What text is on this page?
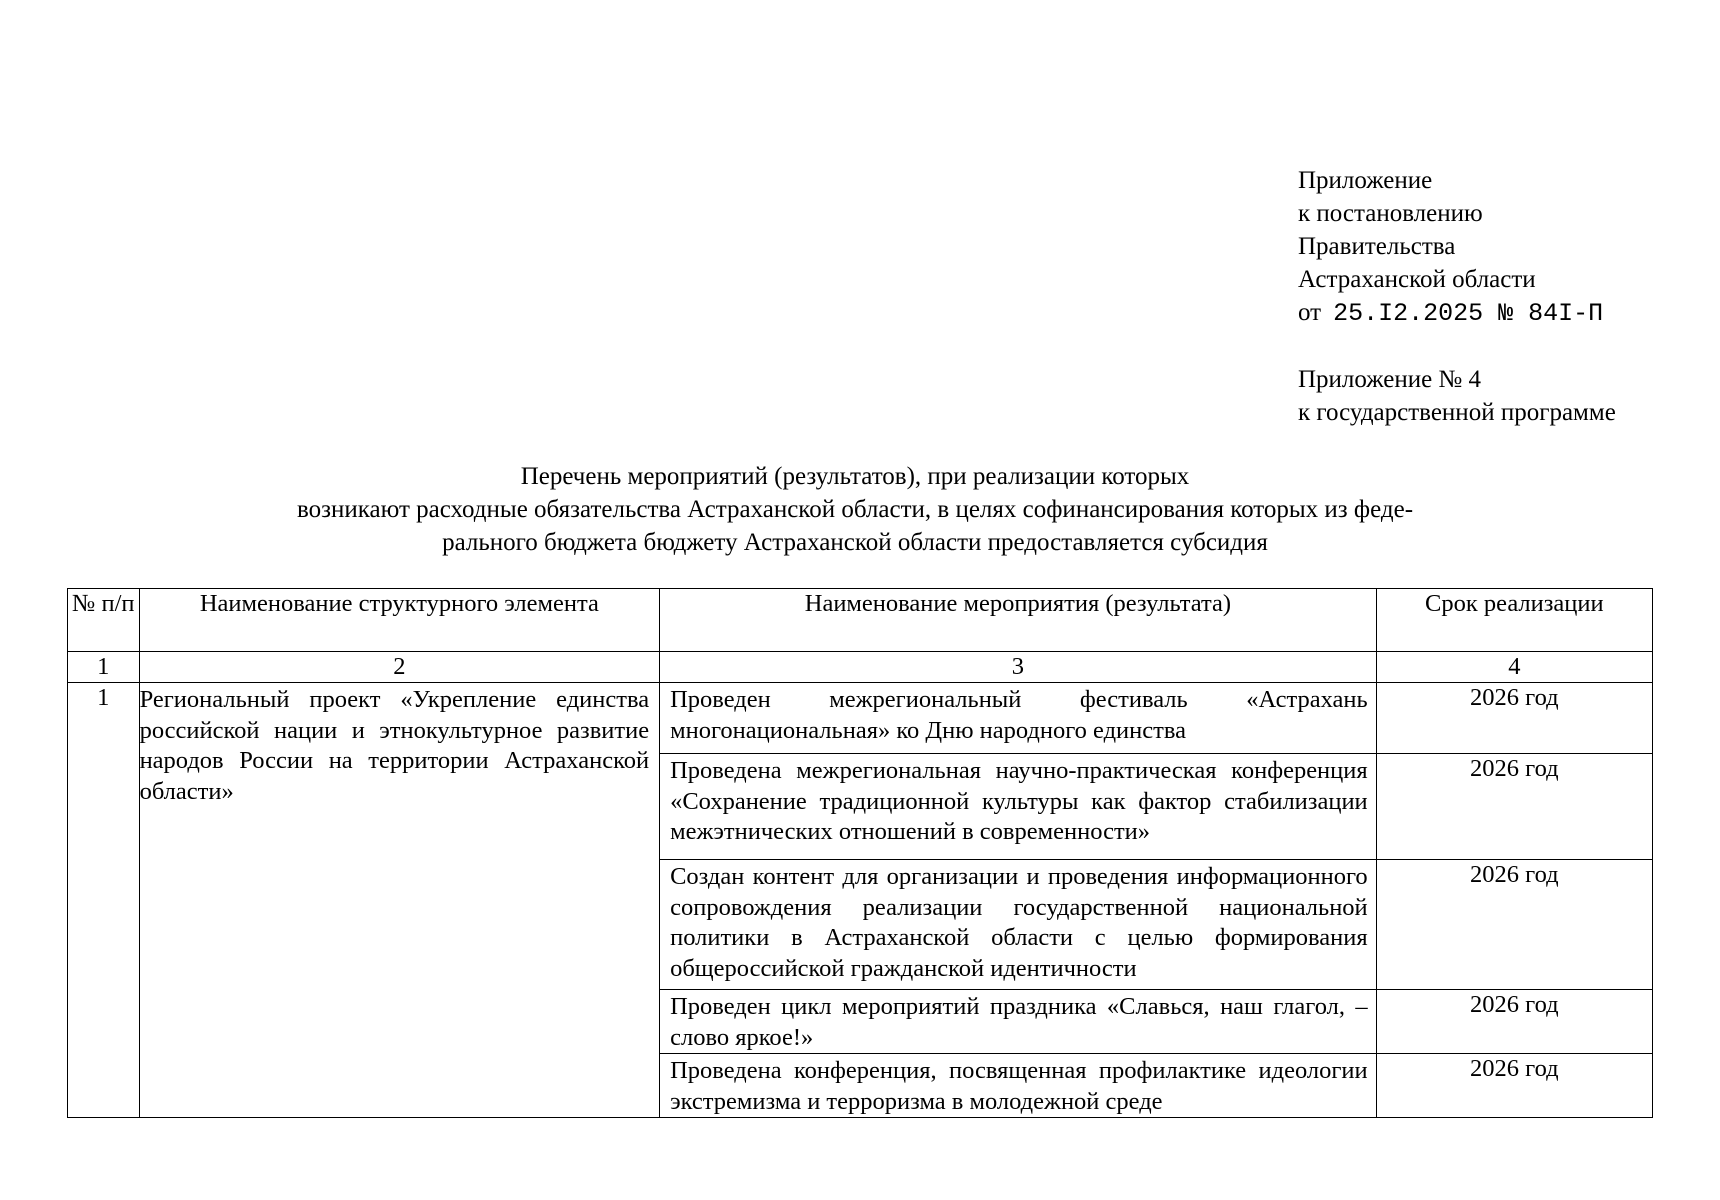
Приложение
к постановлению
Правительства
Астраханской области
от 25.I2.2025 № 84I-П
Приложение № 4
к государственной программе
Перечень мероприятий (результатов), при реализации которых
возникают расходные обязательства Астраханской области, в целях софинансирования которых из феде-
рального бюджета бюджету Астраханской области предоставляется субсидия
№ п/п	Наименование структурного элемента	Наименование мероприятия (результата)	Срок реализации
1	2	3	4
1	Региональный проект «Укрепление единства российской нации и этнокультурное развитие народов России на территории Астраханской области»	Проведен межрегиональный фестиваль «Астрахань многонациональная» ко Дню народного единства	2026 год
		Проведена межрегиональная научно-практическая конференция «Сохранение традиционной культуры как фактор стабилизации межэтнических отношений в современности»	2026 год
		Создан контент для организации и проведения информационного сопровождения реализации государственной национальной политики в Астраханской области с целью формирования общероссийской гражданской идентичности	2026 год
		Проведен цикл мероприятий праздника «Славься, наш глагол, – слово яркое!»	2026 год
		Проведена конференция, посвященная профилактике идеологии экстремизма и терроризма в молодежной среде	2026 год
